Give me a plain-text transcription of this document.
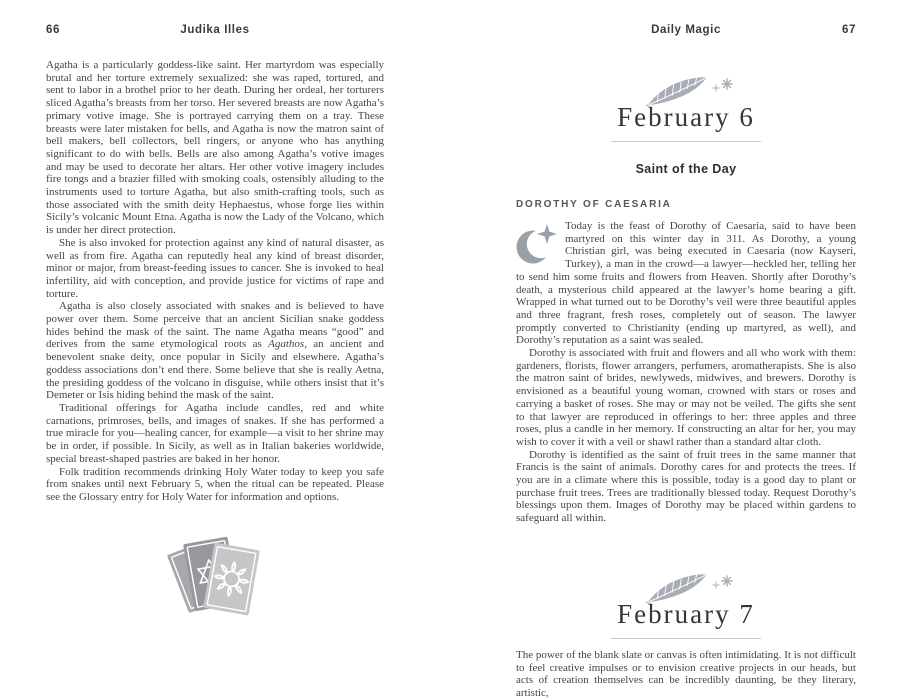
66	Judika Illes

Agatha is a particularly goddess-like saint. Her martyrdom was especially brutal and her torture extremely sexualized: she was raped, tortured, and sent to labor in a brothel prior to her death. During her ordeal, her torturers sliced Agatha’s breasts from her torso. Her severed breasts are now Agatha’s primary votive image. She is portrayed carrying them on a tray. These breasts were later mistaken for bells, and Agatha is now the matron saint of bell makers, bell collectors, bell ringers, or anyone who has anything significant to do with bells. Bells are also among Agatha’s votive images and may be used to decorate her altars. Her other votive imagery includes fire tongs and a brazier filled with smoking coals, ostensibly alluding to the instruments used to torture Agatha, but also smith-crafting tools, such as those associated with the smith deity Hephaestus, whose forge lies within Sicily’s volcanic Mount Etna. Agatha is now the Lady of the Volcano, which is under her direct protection.

She is also invoked for protection against any kind of natural disaster, as well as from fire. Agatha can reputedly heal any kind of breast disorder, minor or major, from breast-feeding issues to cancer. She is invoked to heal infertility, aid with conception, and provide justice for victims of rape and torture.

Agatha is also closely associated with snakes and is believed to have power over them. Some perceive that an ancient Sicilian snake goddess hides behind the mask of the saint. The name Agatha means “good” and derives from the same etymological roots as Agathos, an ancient and benevolent snake deity, once popular in Sicily and elsewhere. Agatha’s goddess associations don’t end there. Some believe that she is really Aetna, the presiding goddess of the volcano in disguise, while others insist that it’s Demeter or Isis hiding behind the mask of the saint.

Traditional offerings for Agatha include candles, red and white carnations, primroses, bells, and images of snakes. If she has performed a true miracle for you—healing cancer, for example—a visit to her shrine may be in order, if possible. In Sicily, as well as in Italian bakeries worldwide, special breast-shaped pastries are baked in her honor.

Folk tradition recommends drinking Holy Water today to keep you safe from snakes until next February 5, when the ritual can be repeated. Please see the Glossary entry for Holy Water for information and options.

Daily Magic	67
February 6
Saint of the Day
DOROTHY OF CAESARIA

Today is the feast of Dorothy of Caesaria, said to have been martyred on this winter day in 311. As Dorothy, a young Christian girl, was being executed in Caesaria (now Kayseri, Turkey), a man in the crowd—a lawyer—heckled her, telling her to send him some fruits and flowers from Heaven. Shortly after Dorothy’s death, a mysterious child appeared at the lawyer’s home bearing a gift. Wrapped in what turned out to be Dorothy’s veil were three beautiful apples and three fragrant, fresh roses, completely out of season. The lawyer promptly converted to Christianity (ending up martyred, as well), and Dorothy’s reputation as a saint was sealed.

Dorothy is associated with fruit and flowers and all who work with them: gardeners, florists, flower arrangers, perfumers, aromatherapists. She is also the matron saint of brides, newlyweds, midwives, and brewers. Dorothy is envisioned as a beautiful young woman, crowned with stars or roses and carrying a basket of roses. She may or may not be veiled. The gifts she sent to that lawyer are reproduced in offerings to her: three apples and three roses, plus a candle in her memory. If constructing an altar for her, you may wish to cover it with a veil or shawl rather than a standard altar cloth.

Dorothy is identified as the saint of fruit trees in the same manner that Francis is the saint of animals. Dorothy cares for and protects the trees. If you are in a climate where this is possible, today is a good day to plant or purchase fruit trees. Trees are traditionally blessed today. Request Dorothy’s blessings upon them. Images of Dorothy may be placed within gardens to safeguard all within.

February 7

The power of the blank slate or canvas is often intimidating. It is not difficult to feel creative impulses or to envision creative projects in our heads, but acts of creation themselves can be incredibly daunting, be they literary, artistic,
